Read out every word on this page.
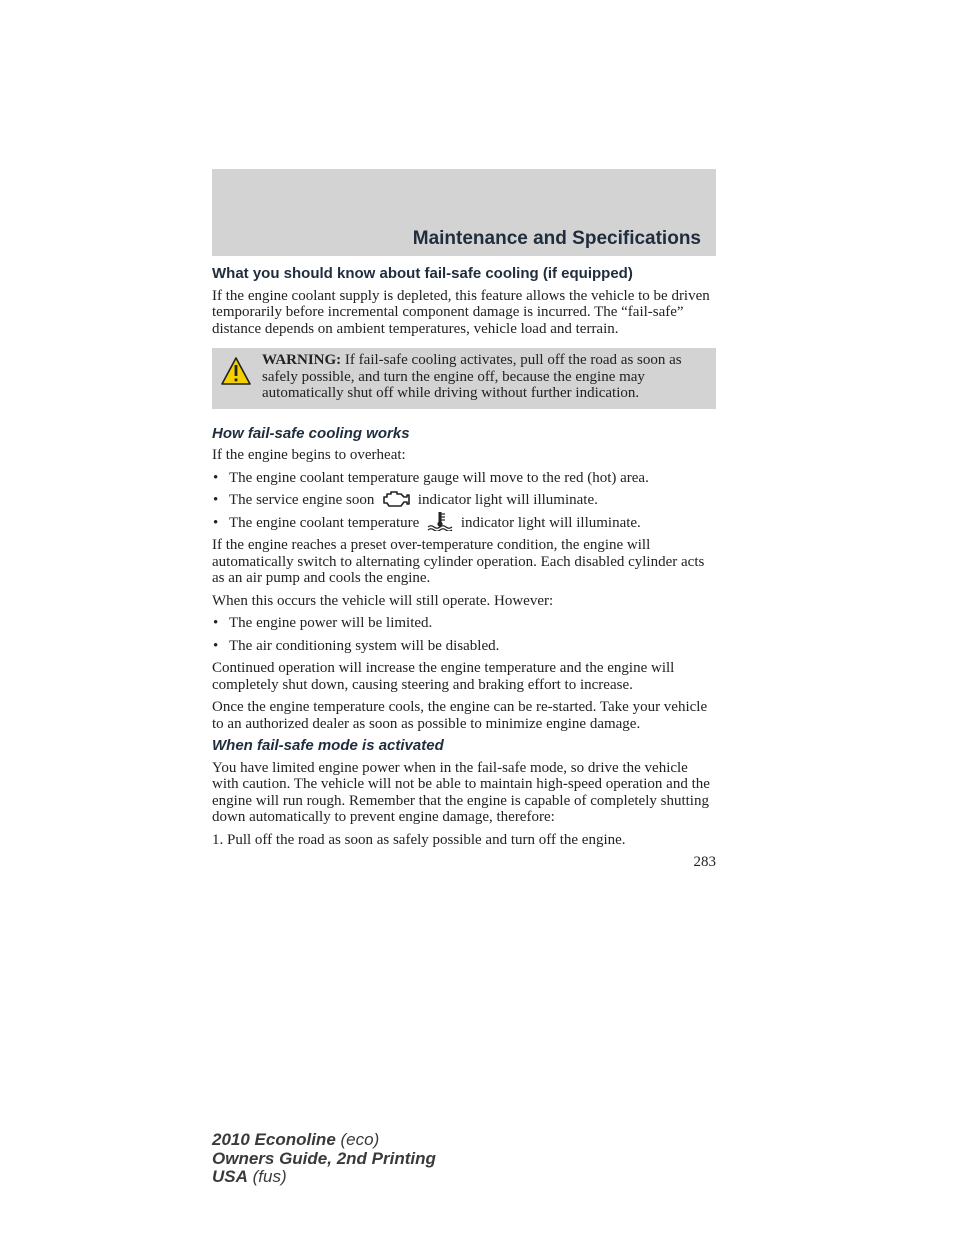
Maintenance and Specifications
What you should know about fail-safe cooling (if equipped)

If the engine coolant supply is depleted, this feature allows the vehicle to be driven temporarily before incremental component damage is incurred. The “fail-safe” distance depends on ambient temperatures, vehicle load and terrain.

WARNING: If fail-safe cooling activates, pull off the road as soon as safely possible, and turn the engine off, because the engine may automatically shut off while driving without further indication.
How fail-safe cooling works

If the engine begins to overheat:

• The engine coolant temperature gauge will move to the red (hot) area.
• The service engine soon	indicator light will illuminate.
• The engine coolant temperature	indicator light will illuminate.

If the engine reaches a preset over-temperature condition, the engine will automatically switch to alternating cylinder operation. Each disabled cylinder acts as an air pump and cools the engine.

When this occurs the vehicle will still operate. However:

• The engine power will be limited.
• The air conditioning system will be disabled.

Continued operation will increase the engine temperature and the engine will completely shut down, causing steering and braking effort to increase.

Once the engine temperature cools, the engine can be re-started. Take your vehicle to an authorized dealer as soon as possible to minimize engine damage.

When fail-safe mode is activated

You have limited engine power when in the fail-safe mode, so drive the vehicle with caution. The vehicle will not be able to maintain high-speed operation and the engine will run rough. Remember that the engine is capable of completely shutting down automatically to prevent engine damage, therefore:

1. Pull off the road as soon as safely possible and turn off the engine.

283
2010 Econoline (eco)
Owners Guide, 2nd Printing
USA (fus)
